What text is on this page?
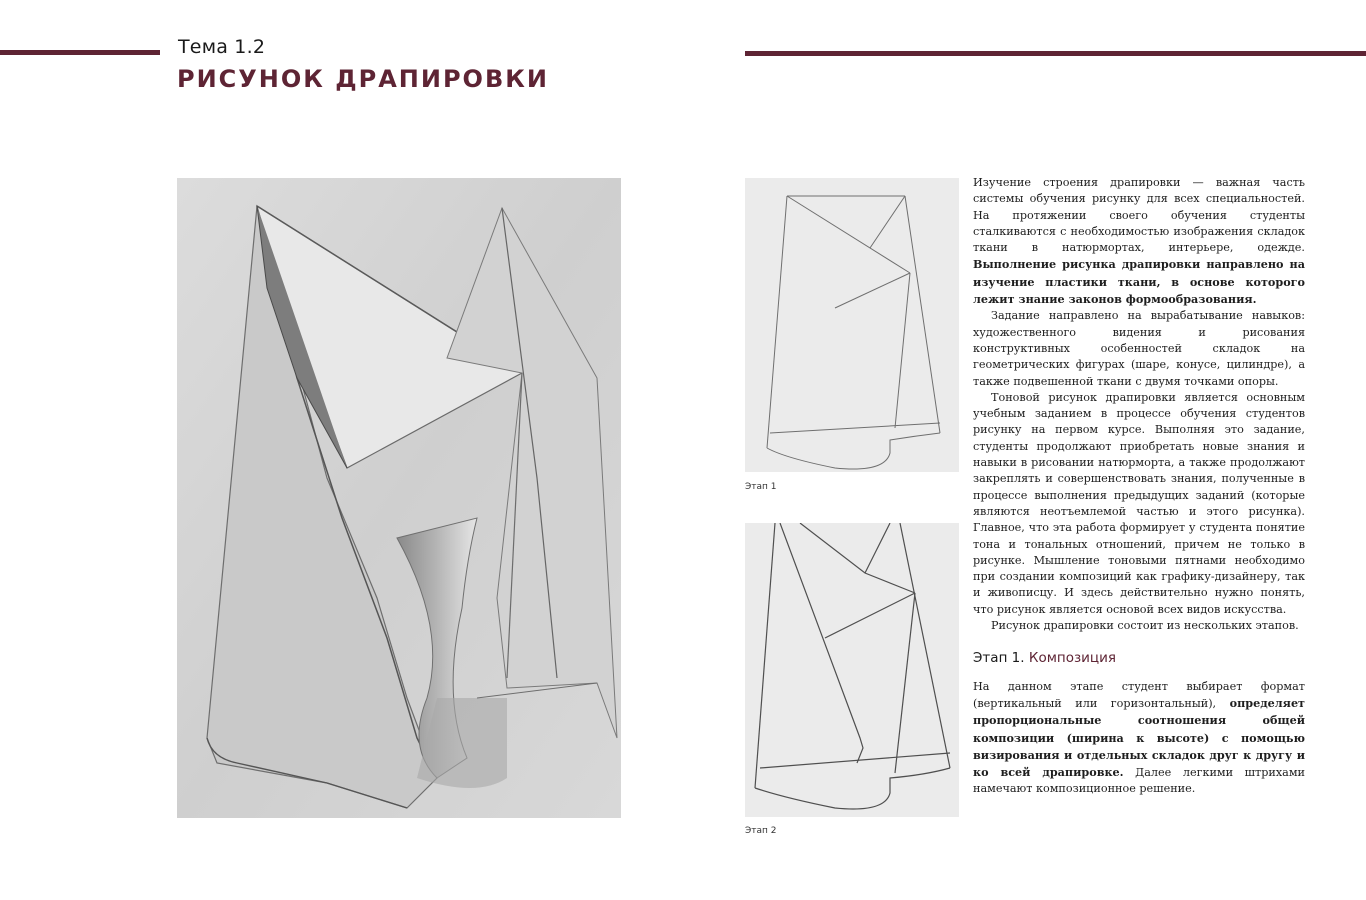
Тема 1.2
РИСУНОК ДРАПИРОВКИ
Этап 1
Этап 2

Изучение строения драпировки — важная часть системы обучения рисунку для всех специальностей. На протяжении своего обучения студенты сталкиваются с необходимостью изображения складок ткани в натюрмортах, интерьере, одежде. Выполнение рисунка драпировки направлено на изучение пластики ткани, в основе которого лежит знание законов формообразования.

Задание направлено на вырабатывание навыков: художественного видения и рисования конструктивных особенностей складок на геометрических фигурах (шаре, конусе, цилиндре), а также подвешенной ткани с двумя точками опоры.

Тоновой рисунок драпировки является основным учебным заданием в процессе обучения студентов рисунку на первом курсе. Выполняя это задание, студенты продолжают приобретать новые знания и навыки в рисовании натюрморта, а также продолжают закреплять и совершенствовать знания, полученные в процессе выполнения предыдущих заданий (которые являются неотъемлемой частью и этого рисунка). Главное, что эта работа формирует у студента понятие тона и тональных отношений, причем не только в рисунке. Мышление тоновыми пятнами необходимо при создании композиций как графику-дизайнеру, так и живописцу. И здесь действительно нужно понять, что рисунок является основой всех видов искусства.

Рисунок драпировки состоит из нескольких этапов.

Этап 1. Композиция

На данном этапе студент выбирает формат (вертикальный или горизонтальный), определяет пропорциональные соотношения общей композиции (ширина к высоте) с помощью визирования и отдельных складок друг к другу и ко всей драпировке. Далее легкими штрихами намечают композиционное решение.
